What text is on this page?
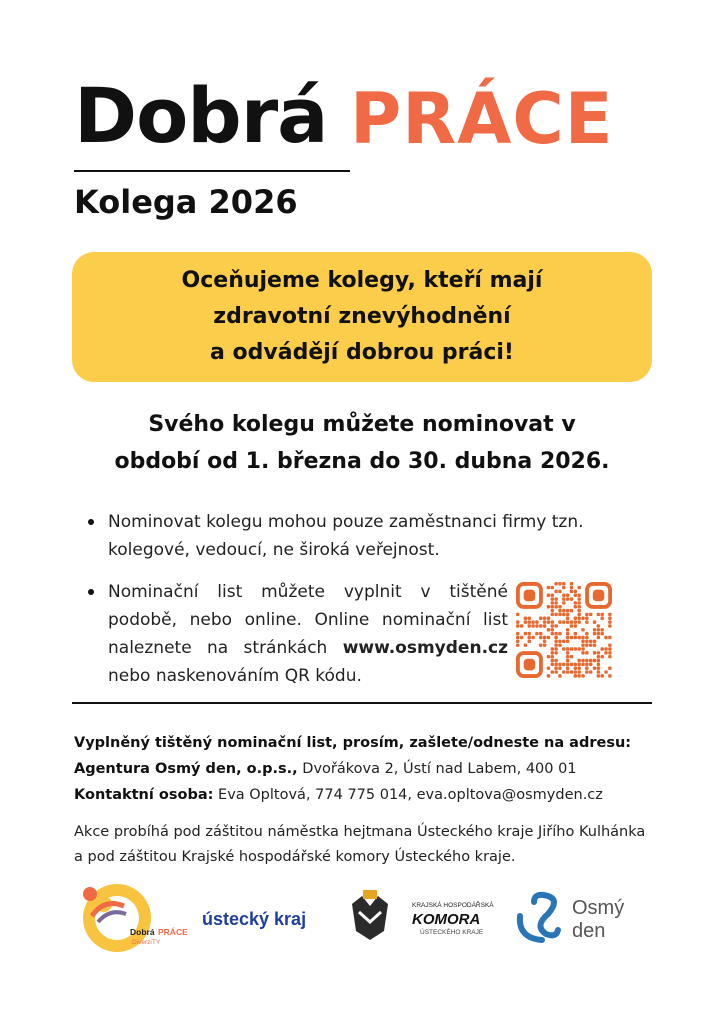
Dobrá PRÁCE
Kolega 2026
Oceňujeme kolegy, kteří mají
zdravotní znevýhodnění
a odvádějí dobrou práci!
Svého kolegu můžete nominovat v
období od 1. března do 30. dubna 2026.
Nominovat kolegu mohou pouze zaměstnanci firmy tzn. kolegové, vedoucí, ne široká veřejnost.
Nominační list můžete vyplnit v tištěné podobě, nebo online. Online nominační list naleznete na stránkách www.osmyden.cz nebo naskenováním QR kódu.
Vyplněný tištěný nominační list, prosím, zašlete/odneste na adresu:
Agentura Osmý den, o.p.s., Dvořákova 2, Ústí nad Labem, 400 01
Kontaktní osoba: Eva Opltová, 774 775 014, eva.opltova@osmyden.cz
Akce probíhá pod záštitou náměstka hejtmana Ústeckého kraje Jiřího Kulhánka a pod záštitou Krajské hospodářské komory Ústeckého kraje.
Dobrá PRÁCE
DiverziTY
ústecký kraj
KRAJSKÁ HOSPODÁŘSKÁ
KOMORA
ÚSTECKÉHO KRAJE
Osmý
den
